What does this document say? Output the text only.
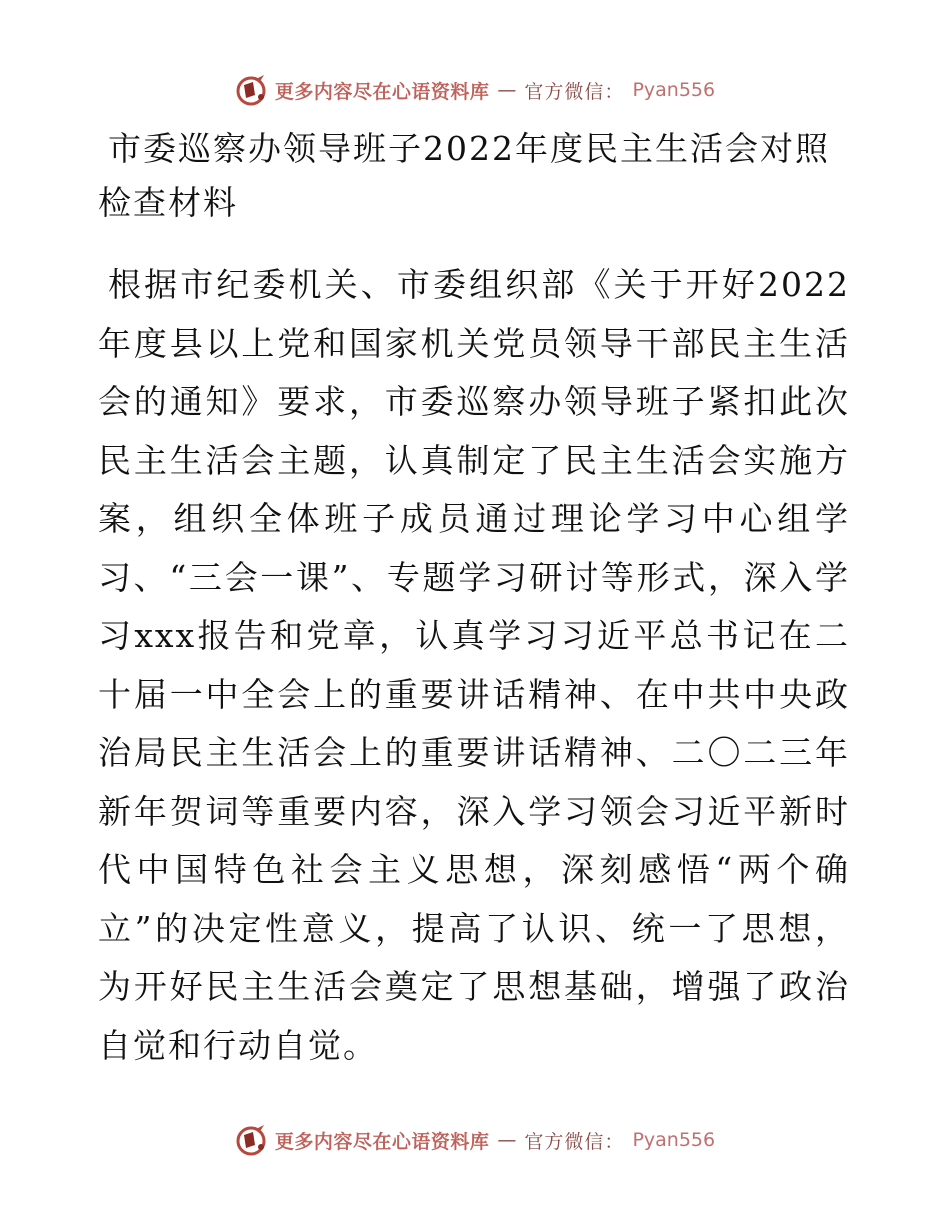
更多内容尽在心语资料库 — 官方微信： Pyan556
市委巡察办领导班子2022年度民主生活会对照检查材料

根据市纪委机关、市委组织部《关于开好2022年度县以上党和国家机关党员领导干部民主生活会的通知》要求，市委巡察办领导班子紧扣此次民主生活会主题，认真制定了民主生活会实施方案，组织全体班子成员通过理论学习中心组学习、“三会一课”、专题学习研讨等形式，深入学习xxx报告和党章，认真学习习近平总书记在二十届一中全会上的重要讲话精神、在中共中央政治局民主生活会上的重要讲话精神、二〇二三年新年贺词等重要内容，深入学习领会习近平新时代中国特色社会主义思想，深刻感悟“两个确立”的决定性意义，提高了认识、统一了思想，为开好民主生活会奠定了思想基础，增强了政治自觉和行动自觉。

更多内容尽在心语资料库 — 官方微信： Pyan556
